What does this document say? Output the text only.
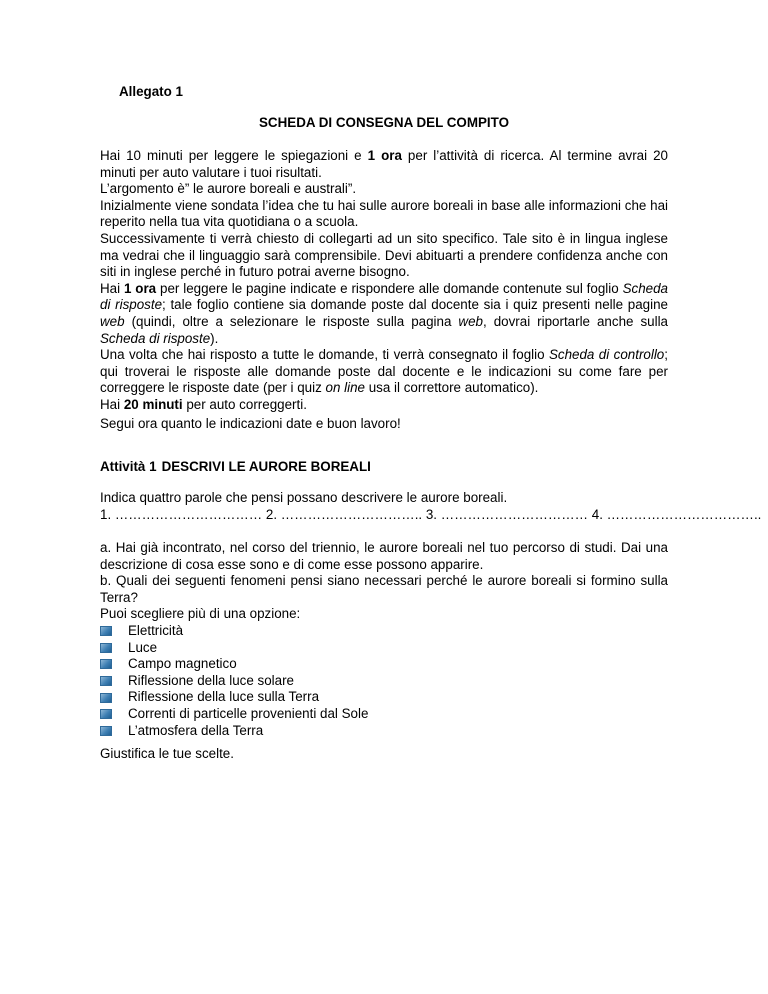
Allegato 1
SCHEDA DI CONSEGNA DEL COMPITO

Hai 10 minuti per leggere le spiegazioni e 1 ora per l’attività di ricerca. Al termine avrai 20 minuti per auto valutare i tuoi risultati.

L’argomento è” le aurore boreali e australi”.

Inizialmente viene sondata l’idea che tu hai sulle aurore boreali in base alle informazioni che hai reperito nella tua vita quotidiana o a scuola.

Successivamente ti verrà chiesto di collegarti ad un sito specifico. Tale sito è in lingua inglese ma vedrai che il linguaggio sarà comprensibile. Devi abituarti a prendere confidenza anche con siti in inglese perché in futuro potrai averne bisogno.

Hai 1 ora per leggere le pagine indicate e rispondere alle domande contenute sul foglio Scheda di risposte; tale foglio contiene sia domande poste dal docente sia i quiz presenti nelle pagine web (quindi, oltre a selezionare le risposte sulla pagina web, dovrai riportarle anche sulla Scheda di risposte).

Una volta che hai risposto a tutte le domande, ti verrà consegnato il foglio Scheda di controllo; qui troverai le risposte alle domande poste dal docente e le indicazioni su come fare per correggere le risposte date (per i quiz on line usa il correttore automatico).

Hai 20 minuti per auto correggerti.

Segui ora quanto le indicazioni date e buon lavoro!
Attività 1 DESCRIVI LE AURORE BOREALI
Indica quattro parole che pensi possano descrivere le aurore boreali.
1. …………………………… 2. ………………………….. 3. …………………………… 4. ……………………………..

a. Hai già incontrato, nel corso del triennio, le aurore boreali nel tuo percorso di studi. Dai una descrizione di cosa esse sono e di come esse possono apparire.

b. Quali dei seguenti fenomeni pensi siano necessari perché le aurore boreali si formino sulla Terra?

Puoi scegliere più di una opzione:
Elettricità
Luce
Campo magnetico
Riflessione della luce solare
Riflessione della luce sulla Terra
Correnti di particelle provenienti dal Sole
L’atmosfera della Terra
Giustifica le tue scelte.
